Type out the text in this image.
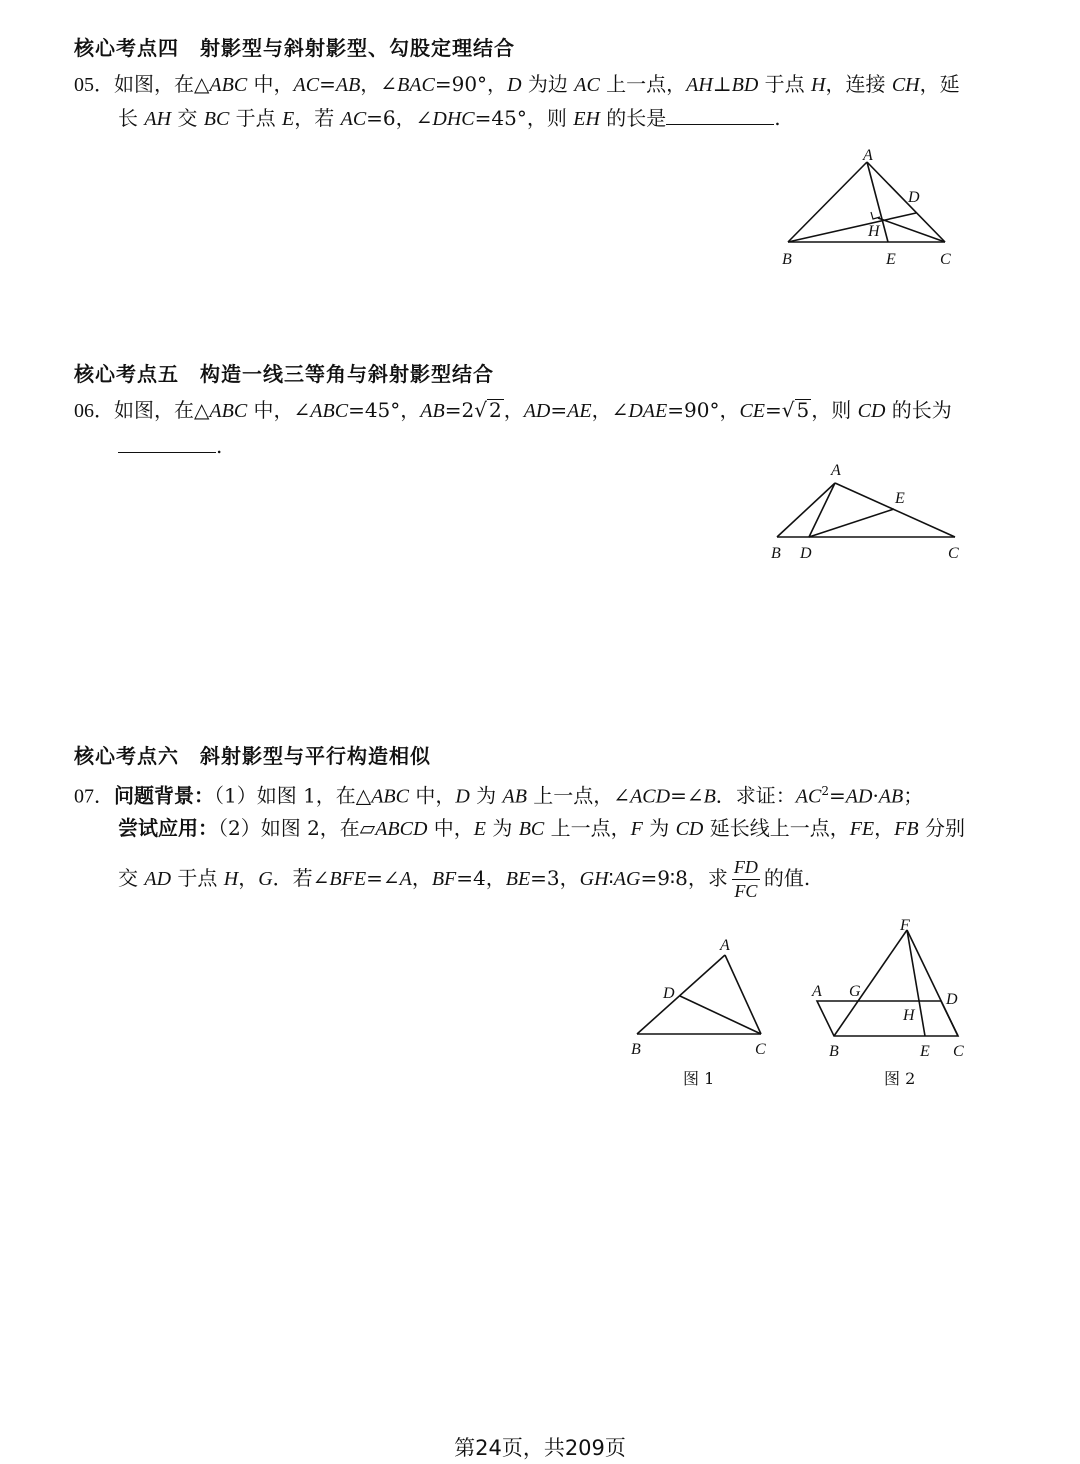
核心考点四　射影型与斜射影型、勾股定理结合
05．如图，在△ABC 中，AC=AB，∠BAC=90°，D 为边 AC 上一点，AH⊥BD 于点 H，连接 CH，延
长 AH 交 BC 于点 E，若 AC=6，∠DHC=45°，则 EH 的长是	.
A
D
H
B	E	C
核心考点五　构造一线三等角与斜射影型结合
06．如图，在△ABC 中，∠ABC=45°，AB=2√ 2 ，AD=AE，∠DAE=90°，CE=√ 5 ，则 CD 的长为
.
A
E
B D	C
核心考点六　斜射影型与平行构造相似
07．问题背景：（1）如图 1，在△ABC 中，D 为 AB 上一点，∠ACD=∠B．求证：$AC^2=AD\cdot AB$；
尝试应用：（2）如图 2，在▱ABCD 中，E 为 BC 上一点，F 为 CD 延长线上一点，FE，FB 分别
交 AD 于点 H，G．若∠BFE=∠A，BF=4，BE=3，GH∶AG=9∶8，求 $\frac{FD}{FC}$ 的值.
A
D
B	C
图 1
F
A G	D
H
B	E C
图 2
第24页，共209页
